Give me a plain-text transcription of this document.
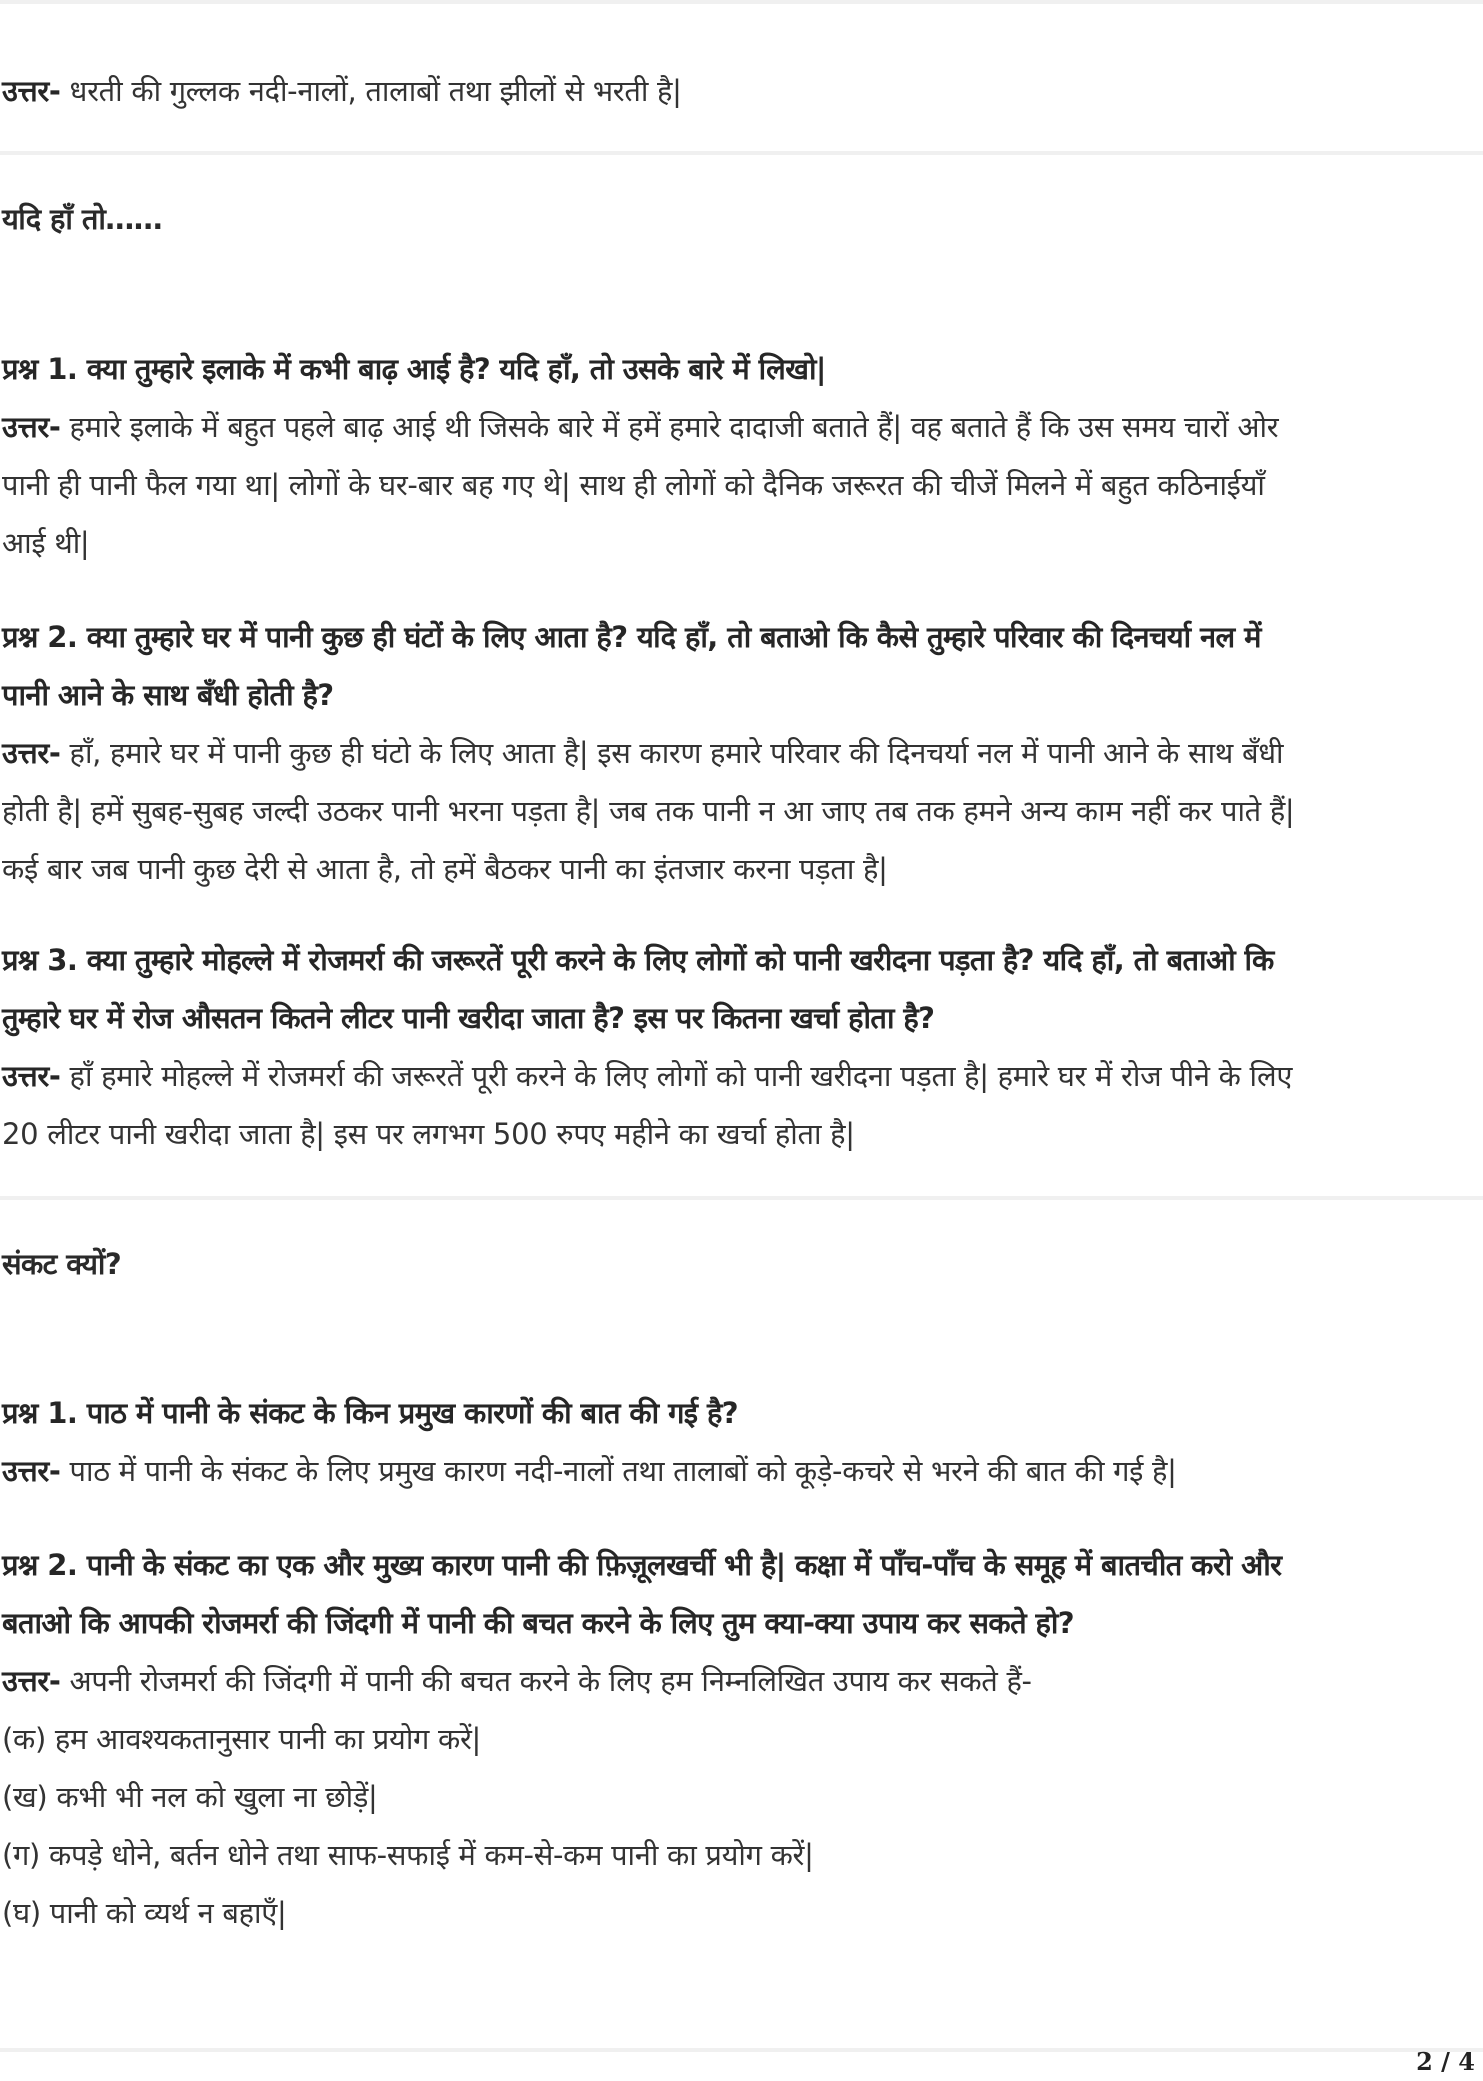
उत्तर- धरती की गुल्लक नदी-नालों, तालाबों तथा झीलों से भरती है|
यदि हाँ तो……
प्रश्न 1. क्या तुम्हारे इलाके में कभी बाढ़ आई है? यदि हाँ, तो उसके बारे में लिखो|
उत्तर- हमारे इलाके में बहुत पहले बाढ़ आई थी जिसके बारे में हमें हमारे दादाजी बताते हैं| वह बताते हैं कि उस समय चारों ओर
पानी ही पानी फैल गया था| लोगों के घर-बार बह गए थे| साथ ही लोगों को दैनिक जरूरत की चीजें मिलने में बहुत कठिनाईयाँ
आई थी|
प्रश्न 2. क्या तुम्हारे घर में पानी कुछ ही घंटों के लिए आता है? यदि हाँ, तो बताओ कि कैसे तुम्हारे परिवार की दिनचर्या नल में
पानी आने के साथ बँधी होती है?
उत्तर- हाँ, हमारे घर में पानी कुछ ही घंटो के लिए आता है| इस कारण हमारे परिवार की दिनचर्या नल में पानी आने के साथ बँधी
होती है| हमें सुबह-सुबह जल्दी उठकर पानी भरना पड़ता है| जब तक पानी न आ जाए तब तक हमने अन्य काम नहीं कर पाते हैं|
कई बार जब पानी कुछ देरी से आता है, तो हमें बैठकर पानी का इंतजार करना पड़ता है|
प्रश्न 3. क्या तुम्हारे मोहल्ले में रोजमर्रा की जरूरतें पूरी करने के लिए लोगों को पानी खरीदना पड़ता है? यदि हाँ, तो बताओ कि
तुम्हारे घर में रोज औसतन कितने लीटर पानी खरीदा जाता है? इस पर कितना खर्चा होता है?
उत्तर- हाँ हमारे मोहल्ले में रोजमर्रा की जरूरतें पूरी करने के लिए लोगों को पानी खरीदना पड़ता है| हमारे घर में रोज पीने के लिए
20 लीटर पानी खरीदा जाता है| इस पर लगभग 500 रुपए महीने का खर्चा होता है|
संकट क्यों?
प्रश्न 1. पाठ में पानी के संकट के किन प्रमुख कारणों की बात की गई है?
उत्तर- पाठ में पानी के संकट के लिए प्रमुख कारण नदी-नालों तथा तालाबों को कूड़े-कचरे से भरने की बात की गई है|
प्रश्न 2. पानी के संकट का एक और मुख्य कारण पानी की फ़िज़ूलखर्ची भी है| कक्षा में पाँच-पाँच के समूह में बातचीत करो और
बताओ कि आपकी रोजमर्रा की जिंदगी में पानी की बचत करने के लिए तुम क्या-क्या उपाय कर सकते हो?
उत्तर- अपनी रोजमर्रा की जिंदगी में पानी की बचत करने के लिए हम निम्नलिखित उपाय कर सकते हैं-
(क) हम आवश्यकतानुसार पानी का प्रयोग करें|
(ख) कभी भी नल को खुला ना छोड़ें|
(ग) कपड़े धोने, बर्तन धोने तथा साफ-सफाई में कम-से-कम पानी का प्रयोग करें|
(घ) पानी को व्यर्थ न बहाएँ|
2 / 4
